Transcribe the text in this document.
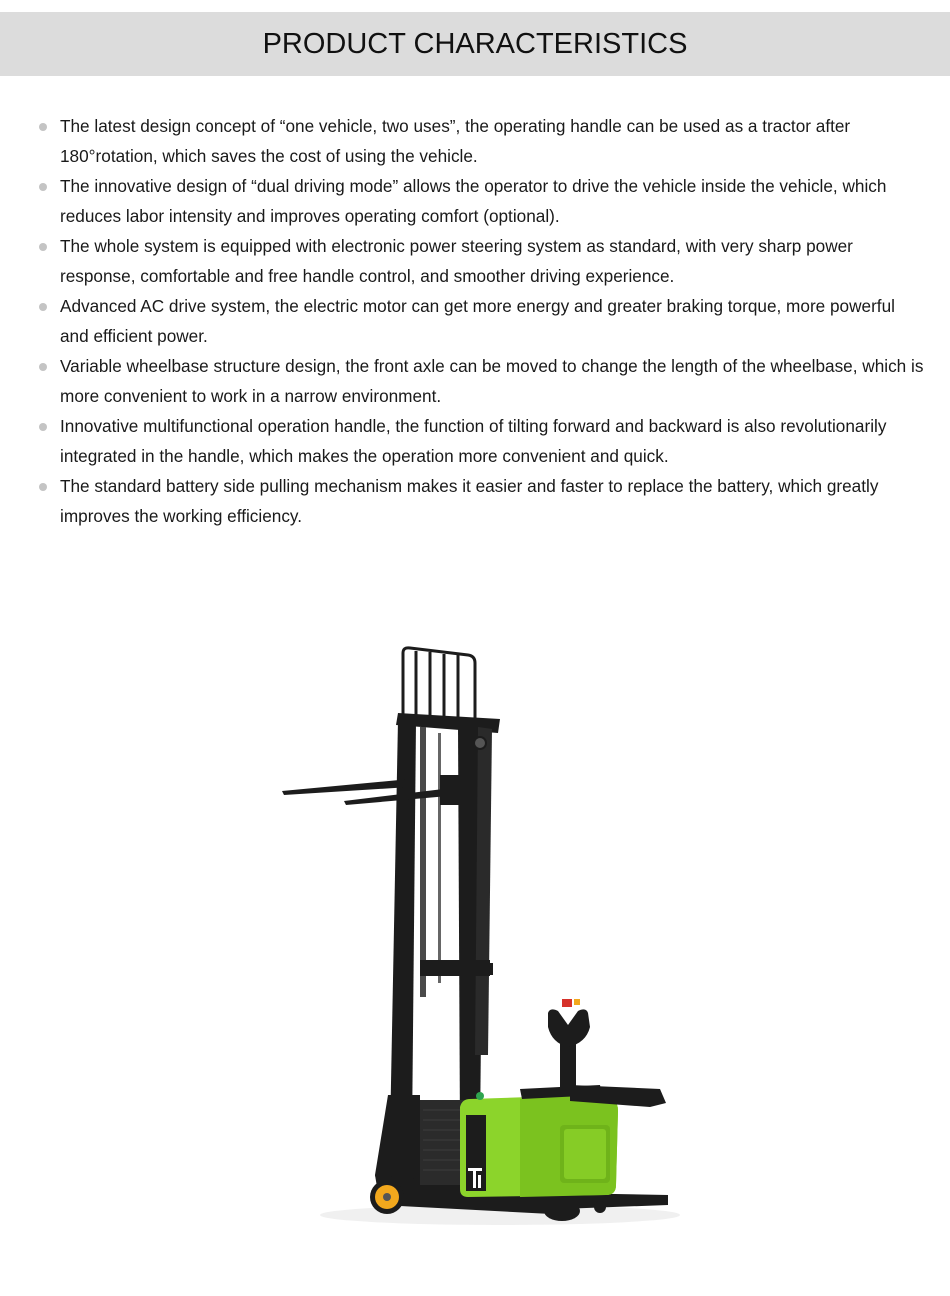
PRODUCT CHARACTERISTICS
The latest design concept of “one vehicle, two uses”, the operating handle can be used as a tractor after 180°rotation, which saves the cost of using the vehicle.
The innovative design of “dual driving mode” allows the operator to drive the vehicle inside the vehicle, which reduces labor intensity and improves operating comfort (optional).
The whole system is equipped with electronic power steering system as standard, with very sharp power response, comfortable and free handle control, and smoother driving experience.
Advanced AC drive system, the electric motor can get more energy and greater braking torque, more powerful and efficient power.
Variable wheelbase structure design, the front axle can be moved to change the length of the wheelbase, which is more convenient to work in a narrow environment.
Innovative multifunctional operation handle, the function of tilting forward and backward is also revolutionarily integrated in the handle, which makes the operation more convenient and quick.
The standard battery side pulling mechanism makes it easier and faster to replace the battery, which greatly improves the working efficiency.
